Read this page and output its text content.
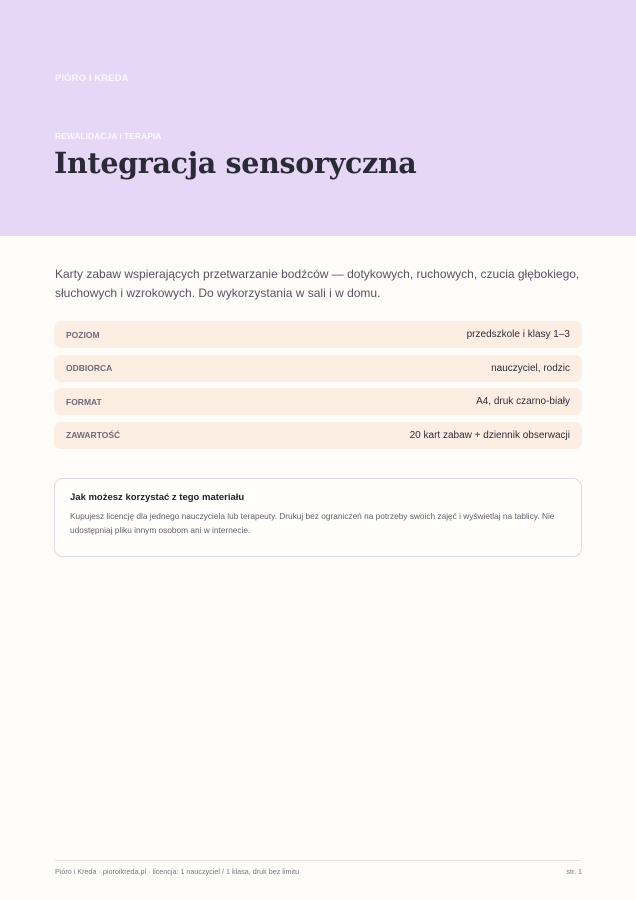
PIÓRO I KREDA
REWALIDACJA I TERAPIA
Integracja sensoryczna

Karty zabaw wspierających przetwarzanie bodźców — dotykowych, ruchowych, czucia głębokiego, słuchowych i wzrokowych. Do wykorzystania w sali i w domu.

POZIOM	przedszkole i klasy 1–3
ODBIORCA	nauczyciel, rodzic
FORMAT	A4, druk czarno-biały
ZAWARTOŚĆ	20 kart zabaw + dziennik obserwacji
Jak możesz korzystać z tego materiału

Kupujesz licencję dla jednego nauczyciela lub terapeuty. Drukuj bez ograniczeń na potrzeby swoich zajęć i wyświetlaj na tablicy. Nie udostępniaj pliku innym osobom ani w internecie.

Pióro i Kreda · pioroikreda.pl · licencja: 1 nauczyciel / 1 klasa, druk bez limitu	str. 1
